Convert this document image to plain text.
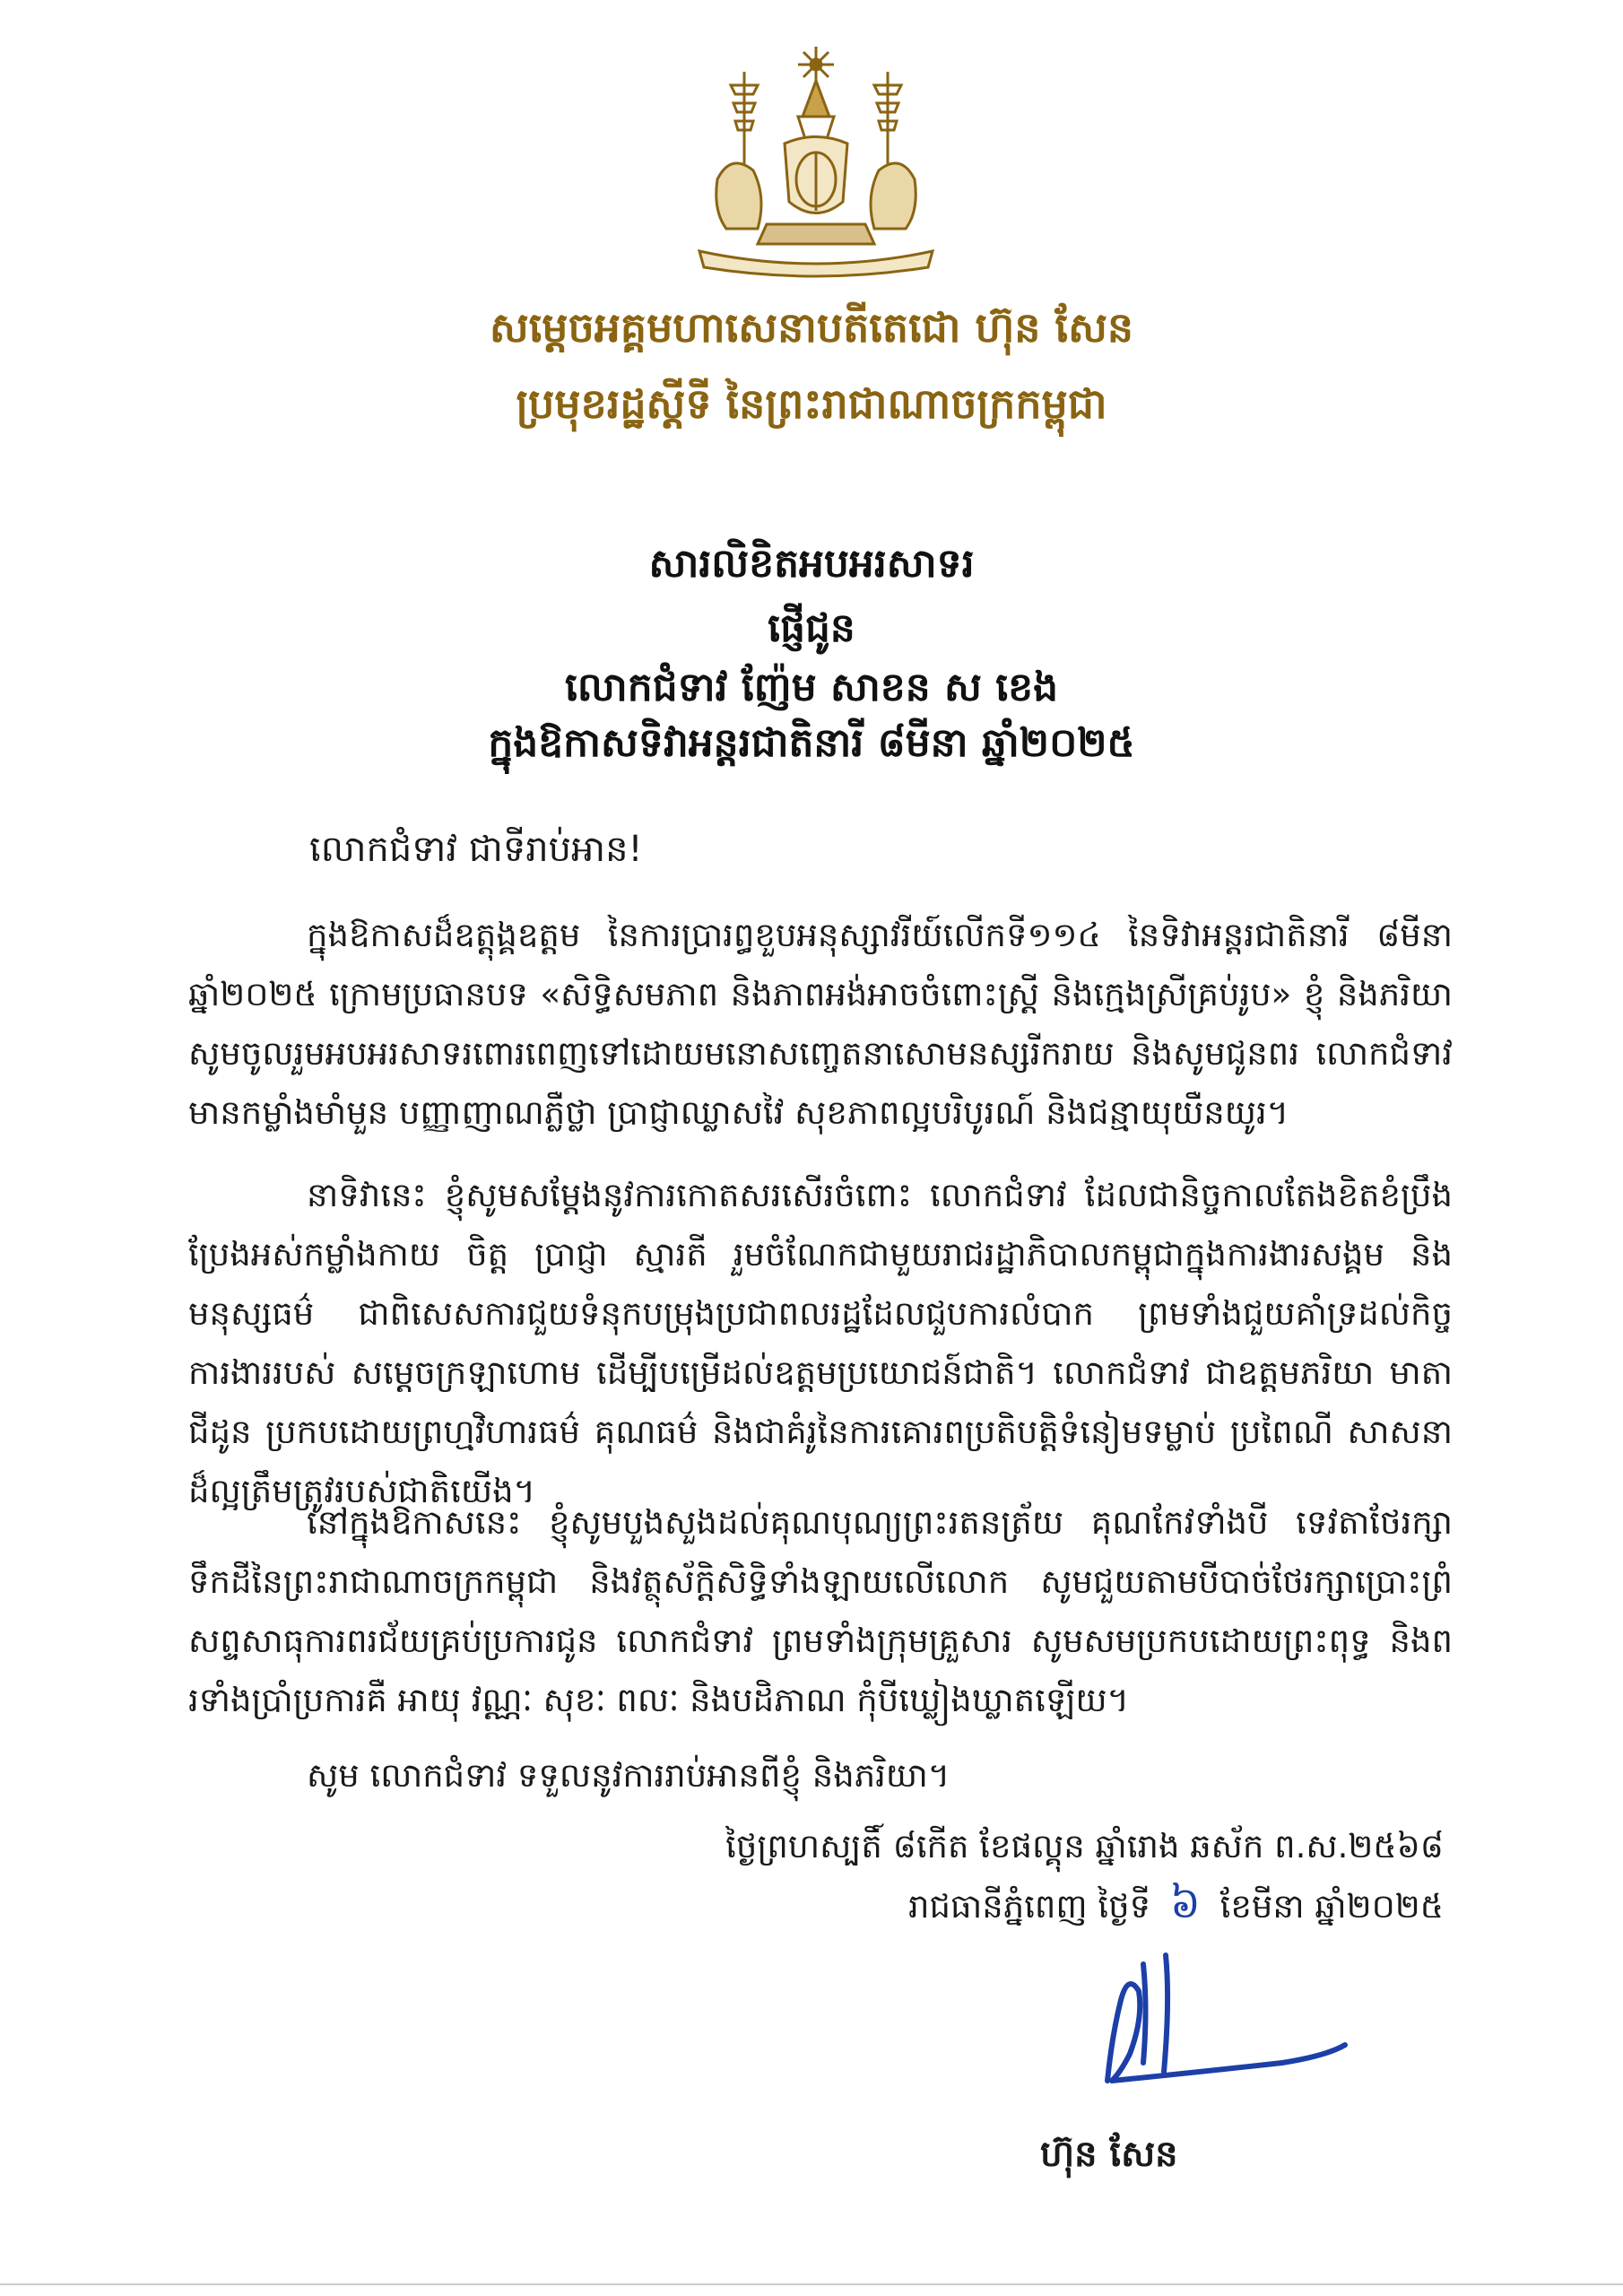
សម្ដេចអគ្គមហាសេនាបតីតេជោ ហ៊ុន សែន
ប្រមុខរដ្ឋស្ដីទី នៃព្រះរាជាណាចក្រកម្ពុជា
សារលិខិតអបអរសាទរ
ផ្ញើជូន
លោកជំទាវ ញ៉ែម សាខន ស ខេង
ក្នុងឱកាសទិវាអន្តរជាតិនារី ៨មីនា ឆ្នាំ២០២៥
លោកជំទាវ ជាទីរាប់អាន!

ក្នុងឱកាសដ៏ឧត្ដុង្គឧត្ដម នៃការប្រារព្ធខួបអនុស្សាវរីយ៍លើកទី១១៤ នៃទិវាអន្តរជាតិនារី ៨មីនា ឆ្នាំ២០២៥ ក្រោមប្រធានបទ «សិទ្ធិសមភាព និងភាពអង់អាចចំពោះស្ត្រី និងក្មេងស្រីគ្រប់រូប» ខ្ញុំ និងភរិយា សូមចូលរួមអបអរសាទរពោរពេញទៅដោយមនោសញ្ចេតនាសោមនស្សរីករាយ និងសូមជូនពរ លោកជំទាវ មានកម្លាំងមាំមួន បញ្ញាញាណភ្លឺថ្លា ប្រាជ្ញាឈ្លាសវៃ សុខភាពល្អបរិបូរណ៍ និងជន្មាយុយឺនយូរ។

នាទិវានេះ ខ្ញុំសូមសម្ដែងនូវការកោតសរសើរចំពោះ លោកជំទាវ ដែលជានិច្ចកាលតែងខិតខំប្រឹងប្រែងអស់កម្លាំងកាយ ចិត្ត ប្រាជ្ញា ស្មារតី រួមចំណែកជាមួយរាជរដ្ឋាភិបាលកម្ពុជាក្នុងការងារសង្គម និងមនុស្សធម៌ ជាពិសេសការជួយទំនុកបម្រុងប្រជាពលរដ្ឋដែលជួបការលំបាក ព្រមទាំងជួយគាំទ្រដល់កិច្ចការងាររបស់ សម្ដេចក្រឡាហោម ដើម្បីបម្រើដល់ឧត្ដមប្រយោជន៍ជាតិ។ លោកជំទាវ ជាឧត្ដមភរិយា មាតា ជីដូន ប្រកបដោយព្រហ្មវិហារធម៌ គុណធម៌ និងជាគំរូនៃការគោរពប្រតិបត្តិទំនៀមទម្លាប់ ប្រពៃណី សាសនាដ៏ល្អត្រឹមត្រូវរបស់ជាតិយើង។

នៅក្នុងឱកាសនេះ ខ្ញុំសូមបួងសួងដល់គុណបុណ្យព្រះរតនត្រ័យ គុណកែវទាំងបី ទេវតាថែរក្សាទឹកដីនៃព្រះរាជាណាចក្រកម្ពុជា និងវត្ថុស័ក្តិសិទ្ធិទាំងឡាយលើលោក សូមជួយតាមបីបាច់ថែរក្សាប្រោះព្រំសព្ទសាធុការពរជ័យគ្រប់ប្រការជូន លោកជំទាវ ព្រមទាំងក្រុមគ្រួសារ សូមសមប្រកបដោយព្រះពុទ្ធ និងពរទាំងប្រាំប្រការគឺ អាយុ វណ្ណៈ សុខៈ ពលៈ និងបដិភាណ កុំបីឃ្លៀងឃ្លាតឡើយ។

សូម លោកជំទាវ ទទួលនូវការរាប់អានពីខ្ញុំ និងភរិយា។
ថ្ងៃព្រហស្បតិ៍ ៨កើត ខែផល្គុន ឆ្នាំរោង ឆស័ក ព.ស.២៥៦៨
រាជធានីភ្នំពេញ ថ្ងៃទី ៦ ខែមីនា ឆ្នាំ២០២៥
ហ៊ុន សែន
